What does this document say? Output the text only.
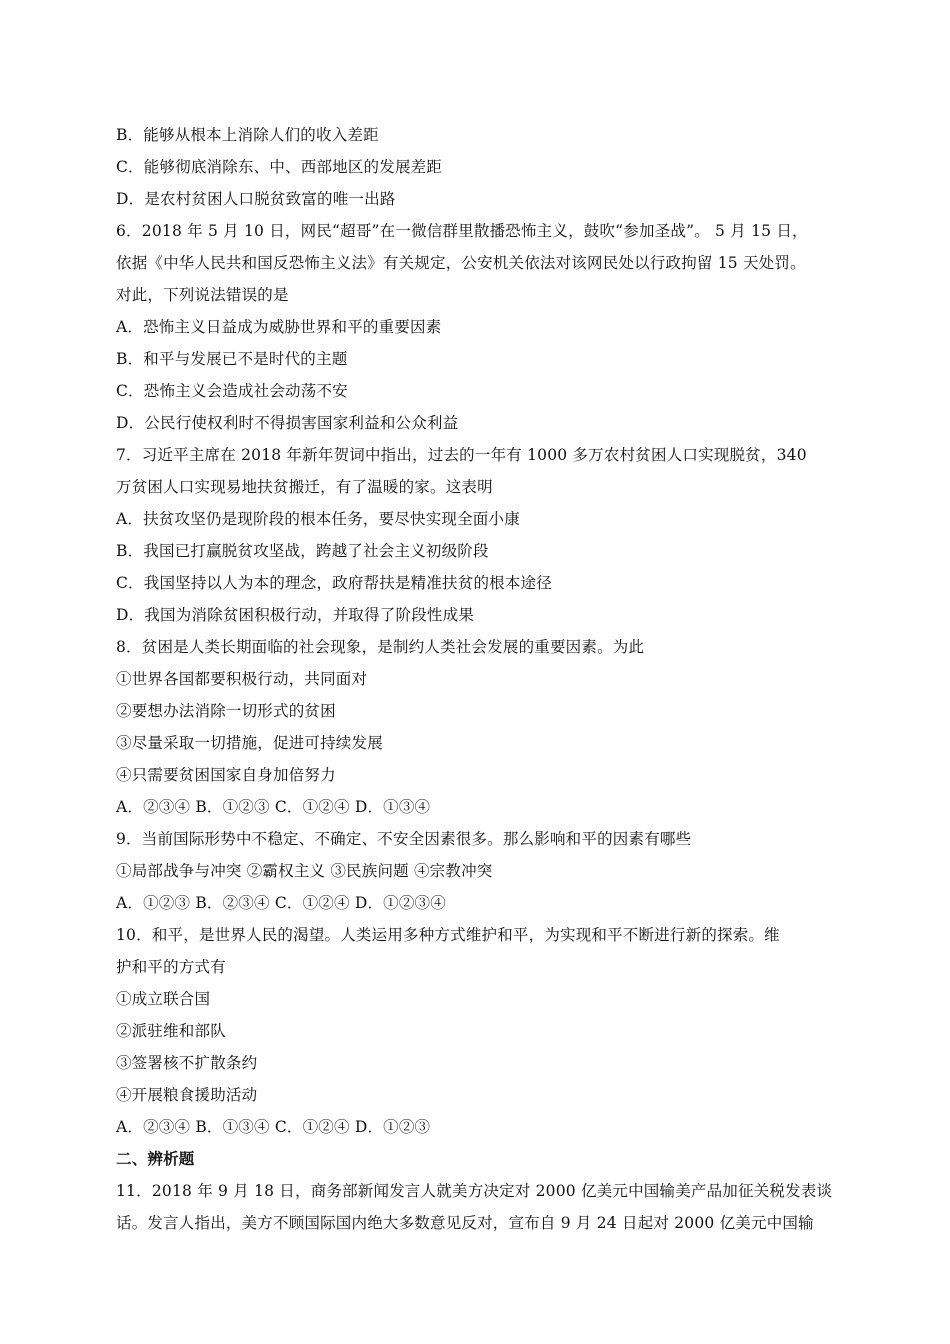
B．能够从根本上消除人们的收入差距
C．能够彻底消除东、中、西部地区的发展差距
D．是农村贫困人口脱贫致富的唯一出路
6．2018 年 5 月 10 日，网民“超哥”在一微信群里散播恐怖主义，鼓吹“参加圣战”。 5 月 15 日，
依据《中华人民共和国反恐怖主义法》有关规定，公安机关依法对该网民处以行政拘留 15 天处罚。
对此，下列说法错误的是
A．恐怖主义日益成为威胁世界和平的重要因素
B．和平与发展已不是时代的主题
C．恐怖主义会造成社会动荡不安
D．公民行使权利时不得损害国家利益和公众利益
7．习近平主席在 2018 年新年贺词中指出，过去的一年有 1000 多万农村贫困人口实现脱贫，340
万贫困人口实现易地扶贫搬迁，有了温暖的家。这表明
A．扶贫攻坚仍是现阶段的根本任务，要尽快实现全面小康
B．我国已打赢脱贫攻坚战，跨越了社会主义初级阶段
C．我国坚持以人为本的理念，政府帮扶是精准扶贫的根本途径
D．我国为消除贫困积极行动，并取得了阶段性成果
8．贫困是人类长期面临的社会现象，是制约人类社会发展的重要因素。为此
①世界各国都要积极行动，共同面对
②要想办法消除一切形式的贫困
③尽量采取一切措施，促进可持续发展
④只需要贫困国家自身加倍努力
A．②③④ B．①②③ C．①②④ D．①③④
9．当前国际形势中不稳定、不确定、不安全因素很多。那么影响和平的因素有哪些
①局部战争与冲突 ②霸权主义 ③民族问题 ④宗教冲突
A．①②③ B．②③④ C．①②④ D．①②③④
10．和平，是世界人民的渴望。人类运用多种方式维护和平，为实现和平不断进行新的探索。维
护和平的方式有
①成立联合国
②派驻维和部队
③签署核不扩散条约
④开展粮食援助活动
A．②③④ B．①③④ C．①②④ D．①②③
二、辨析题
11．2018 年 9 月 18 日，商务部新闻发言人就美方决定对 2000 亿美元中国输美产品加征关税发表谈
话。发言人指出，美方不顾国际国内绝大多数意见反对，宣布自 9 月 24 日起对 2000 亿美元中国输
